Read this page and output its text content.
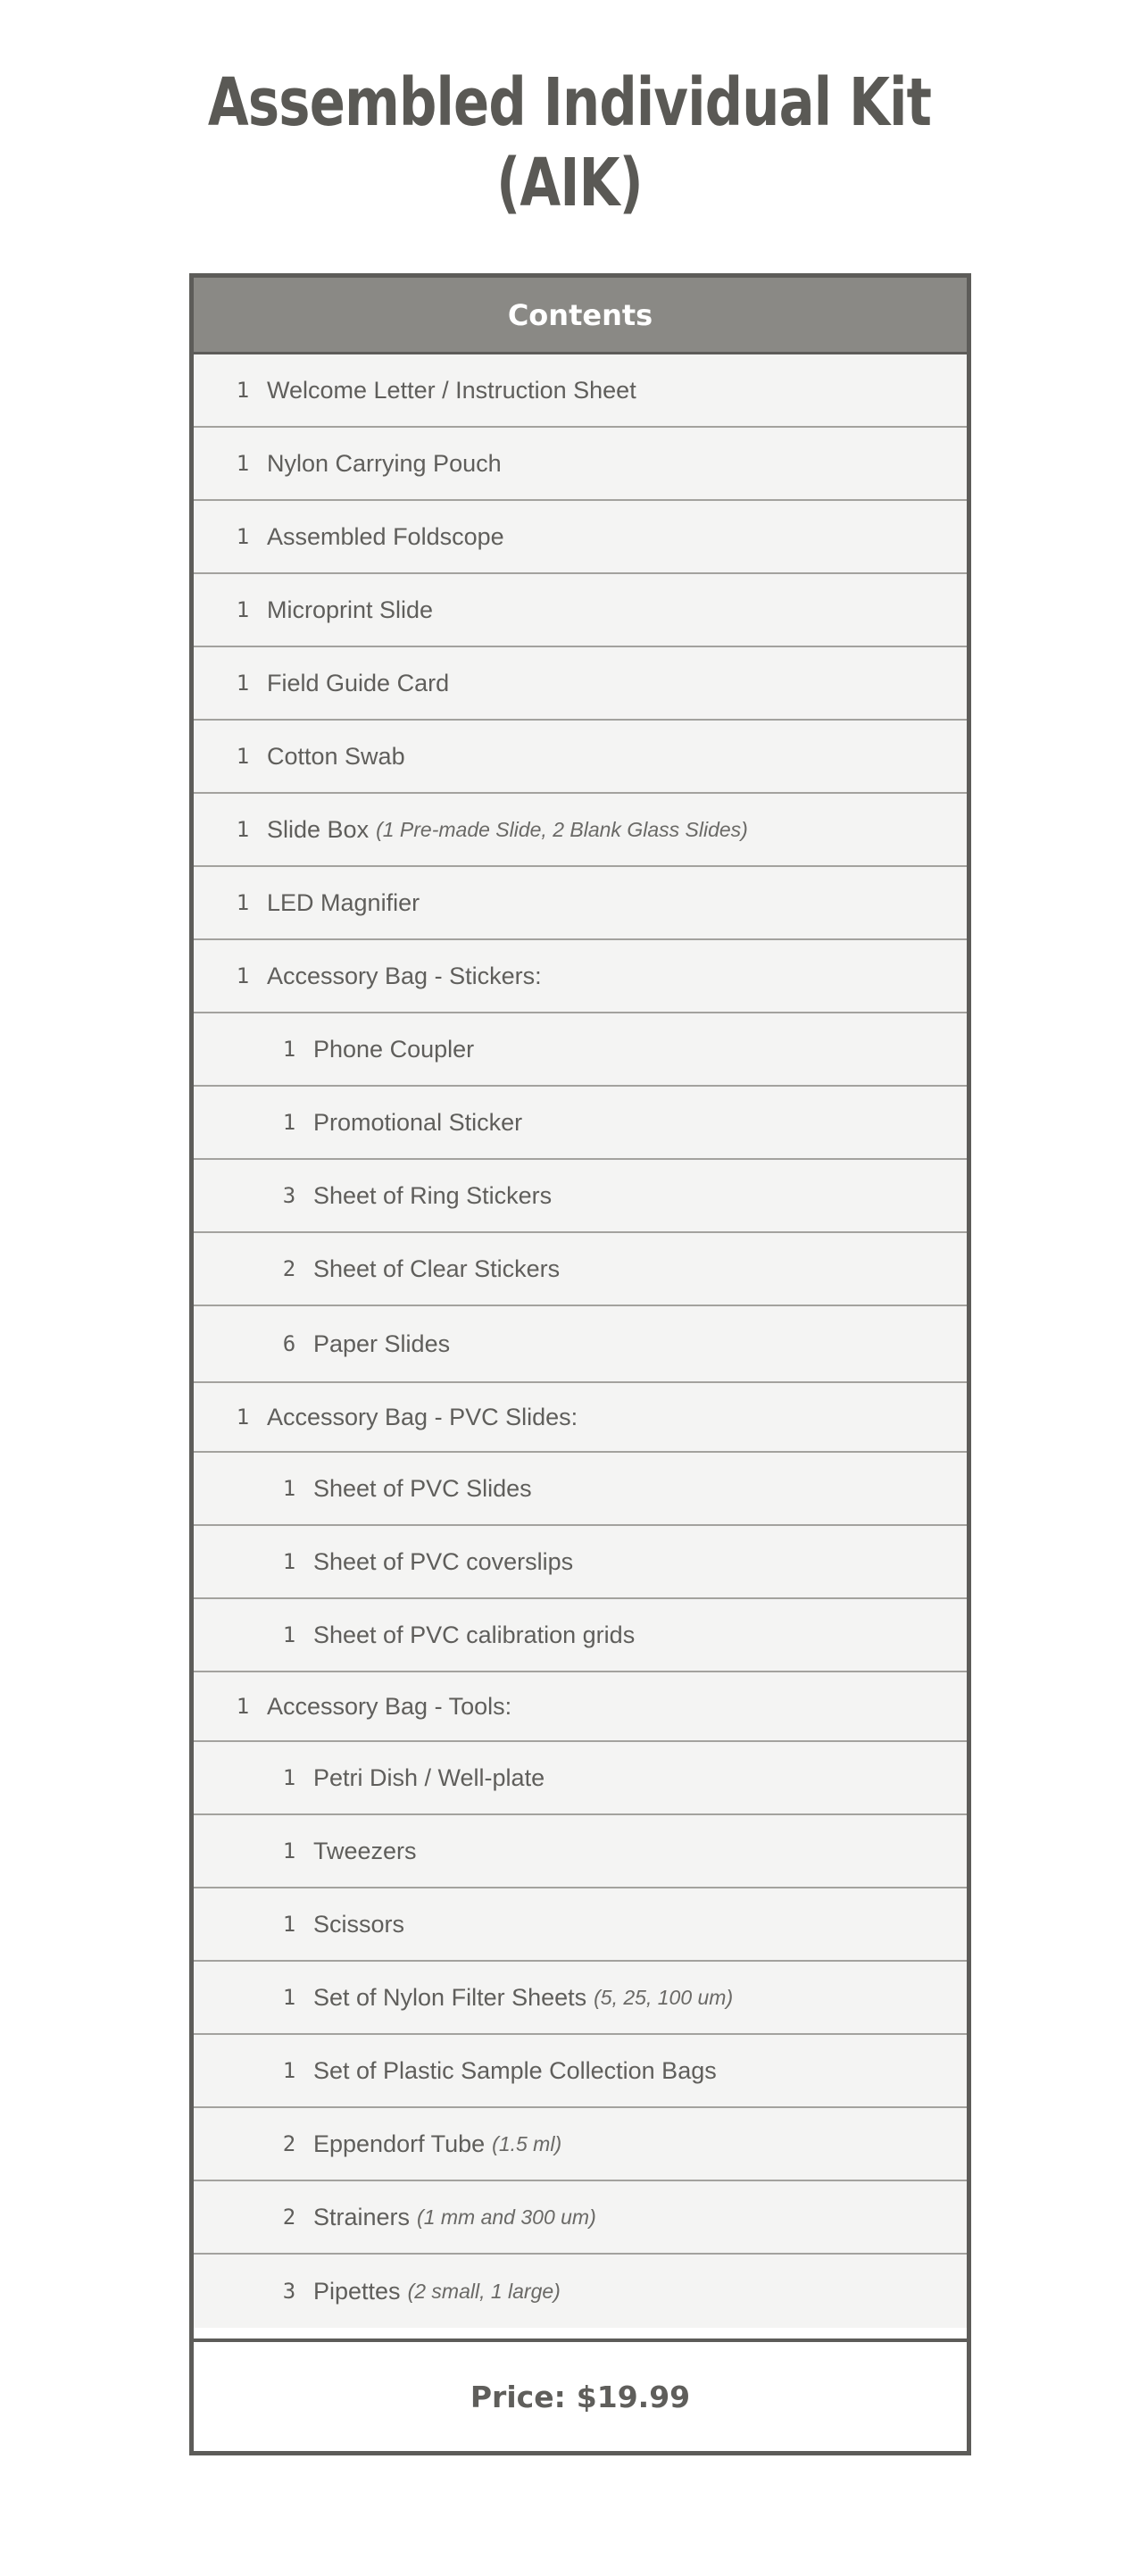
Assembled Individual Kit
(AIK)
Contents
1 Welcome Letter / Instruction Sheet
1 Nylon Carrying Pouch
1 Assembled Foldscope
1 Microprint Slide
1 Field Guide Card
1 Cotton Swab
1 Slide Box (1 Pre-made Slide, 2 Blank Glass Slides)
1 LED Magnifier
1 Accessory Bag - Stickers:
1 Phone Coupler
1 Promotional Sticker
3 Sheet of Ring Stickers
2 Sheet of Clear Stickers
6 Paper Slides
1 Accessory Bag - PVC Slides:
1 Sheet of PVC Slides
1 Sheet of PVC coverslips
1 Sheet of PVC calibration grids
1 Accessory Bag - Tools:
1 Petri Dish / Well-plate
1 Tweezers
1 Scissors
1 Set of Nylon Filter Sheets (5, 25, 100 um)
1 Set of Plastic Sample Collection Bags
2 Eppendorf Tube (1.5 ml)
2 Strainers (1 mm and 300 um)
3 Pipettes (2 small, 1 large)
Price: $19.99
